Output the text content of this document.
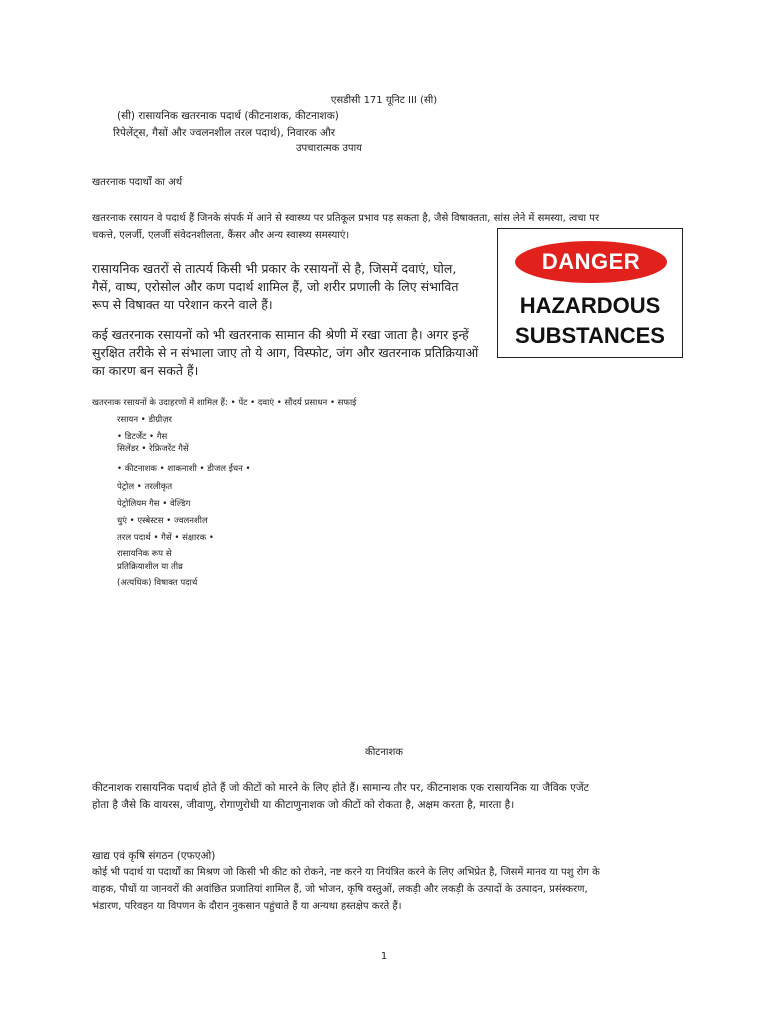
एसडीसी 171 यूनिट III (सी)
(सी) रासायनिक खतरनाक पदार्थ (कीटनाशक, कीटनाशक)
रिपेलेंट्स, गैसों और ज्वलनशील तरल पदार्थ), निवारक और
उपचारात्मक उपाय
खतरनाक पदार्थों का अर्थ
खतरनाक रसायन वे पदार्थ हैं जिनके संपर्क में आने से स्वास्थ्य पर प्रतिकूल प्रभाव पड़ सकता है, जैसे विषाक्तता, सांस लेने में समस्या, त्वचा पर
चकत्ते, एलर्जी, एलर्जी संवेदनशीलता, कैंसर और अन्य स्वास्थ्य समस्याएं।
रासायनिक खतरों से तात्पर्य किसी भी प्रकार के रसायनों से है, जिसमें दवाएं, घोल,
गैसें, वाष्प, एरोसोल और कण पदार्थ शामिल हैं, जो शरीर प्रणाली के लिए संभावित
रूप से विषाक्त या परेशान करने वाले हैं।
कई खतरनाक रसायनों को भी खतरनाक सामान की श्रेणी में रखा जाता है। अगर इन्हें
सुरक्षित तरीके से न संभाला जाए तो ये आग, विस्फोट, जंग और खतरनाक प्रतिक्रियाओं
का कारण बन सकते हैं।
DANGER
HAZARDOUS
SUBSTANCES
खतरनाक रसायनों के उदाहरणों में शामिल हैं: • पेंट • दवाएं • सौंदर्य प्रसाधन • सफाई
रसायन • डीग्रीज़र
• डिटर्जेंट • गैस
सिलेंडर • रेफ्रिजरेंट गैसें
• कीटनाशक • शाकनाशी • डीजल ईंधन •
पेट्रोल • तरलीकृत
पेट्रोलियम गैस • वेल्डिंग
धुएं • एस्बेस्टस • ज्वलनशील
तरल पदार्थ • गैसें • संक्षारक •
रासायनिक रूप से
प्रतिक्रियाशील या तीव्र
(अत्यधिक) विषाक्त पदार्थ
कीटनाशक
कीटनाशक रासायनिक पदार्थ होते हैं जो कीटों को मारने के लिए होते हैं। सामान्य तौर पर, कीटनाशक एक रासायनिक या जैविक एजेंट
होता है जैसे कि वायरस, जीवाणु, रोगाणुरोधी या कीटाणुनाशक जो कीटों को रोकता है, अक्षम करता है, मारता है।
खाद्य एवं कृषि संगठन (एफएओ)
कोई भी पदार्थ या पदार्थों का मिश्रण जो किसी भी कीट को रोकने, नष्ट करने या नियंत्रित करने के लिए अभिप्रेत है, जिसमें मानव या पशु रोग के
वाहक, पौधों या जानवरों की अवांछित प्रजातियां शामिल हैं, जो भोजन, कृषि वस्तुओं, लकड़ी और लकड़ी के उत्पादों के उत्पादन, प्रसंस्करण,
भंडारण, परिवहन या विपणन के दौरान नुकसान पहुंचाते हैं या अन्यथा हस्तक्षेप करते हैं।
1
